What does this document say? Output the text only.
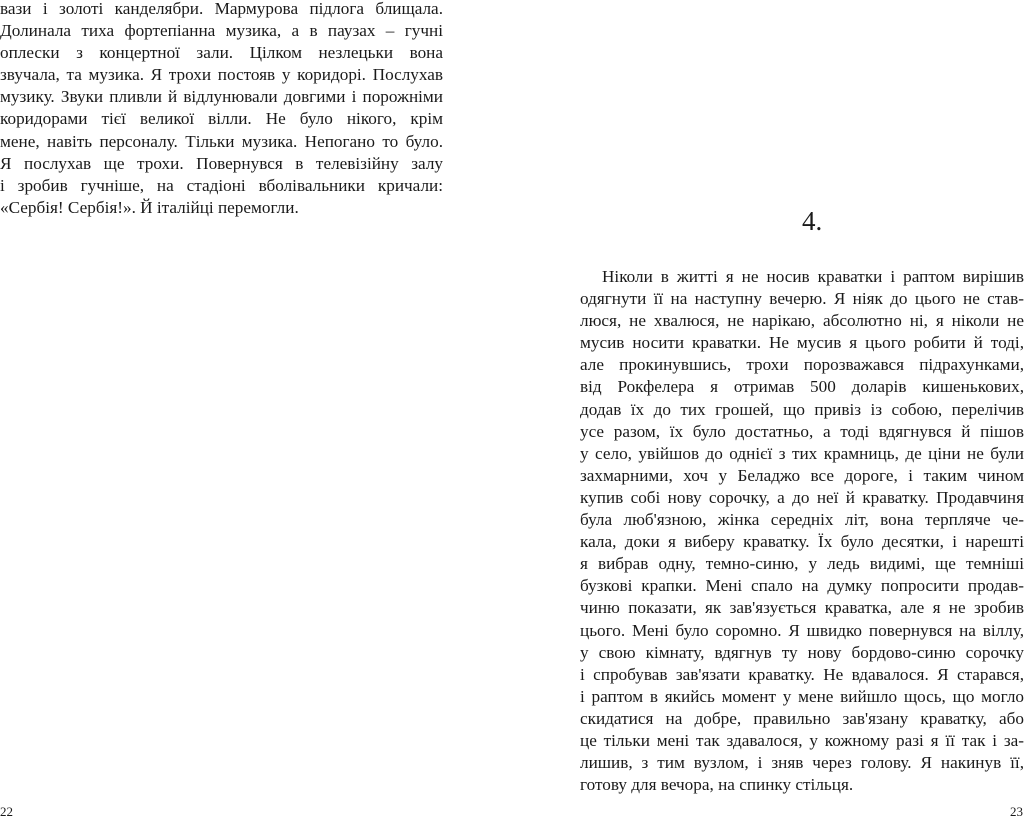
вази і золоті канделябри. Мармурова підлога блищала.
Долинала тиха фортепіанна музика, а в паузах – гучні
оплески з концертної зали. Цілком незлецьки вона
звучала, та музика. Я трохи постояв у коридорі. Послухав
музику. Звуки пливли й відлунювали довгими і порожніми
коридорами тієї великої вілли. Не було нікого, крім
мене, навіть персоналу. Тільки музика. Непогано то було.
Я послухав ще трохи. Повернувся в телевізійну залу
і зробив гучніше, на стадіоні вболівальники кричали:
«Сербія! Сербія!». Й італійці перемогли.
22
4.
Ніколи в житті я не носив краватки і раптом вирішив
одягнути її на наступну вечерю. Я ніяк до цього не став-
люся, не хвалюся, не нарікаю, абсолютно ні, я ніколи не
мусив носити краватки. Не мусив я цього робити й тоді,
але прокинувшись, трохи порозважався підрахунками,
від Рокфелера я отримав 500 доларів кишенькових,
додав їх до тих грошей, що привіз із собою, перелічив
усе разом, їх було достатньо, а тоді вдягнувся й пішов
у село, увійшов до однієї з тих крамниць, де ціни не були
захмарними, хоч у Беладжо все дороге, і таким чином
купив собі нову сорочку, а до неї й краватку. Продавчиня
була люб'язною, жінка середніх літ, вона терпляче че-
кала, доки я виберу краватку. Їх було десятки, і нарешті
я вибрав одну, темно-синю, у ледь видимі, ще темніші
бузкові крапки. Мені спало на думку попросити продав-
чиню показати, як зав'язується краватка, але я не зробив
цього. Мені було соромно. Я швидко повернувся на віллу,
у свою кімнату, вдягнув ту нову бордово-синю сорочку
і спробував зав'язати краватку. Не вдавалося. Я старався,
і раптом в якийсь момент у мене вийшло щось, що могло
скидатися на добре, правильно зав'язану краватку, або
це тільки мені так здавалося, у кожному разі я її так і за-
лишив, з тим вузлом, і зняв через голову. Я накинув її,
готову для вечора, на спинку стільця.
23
